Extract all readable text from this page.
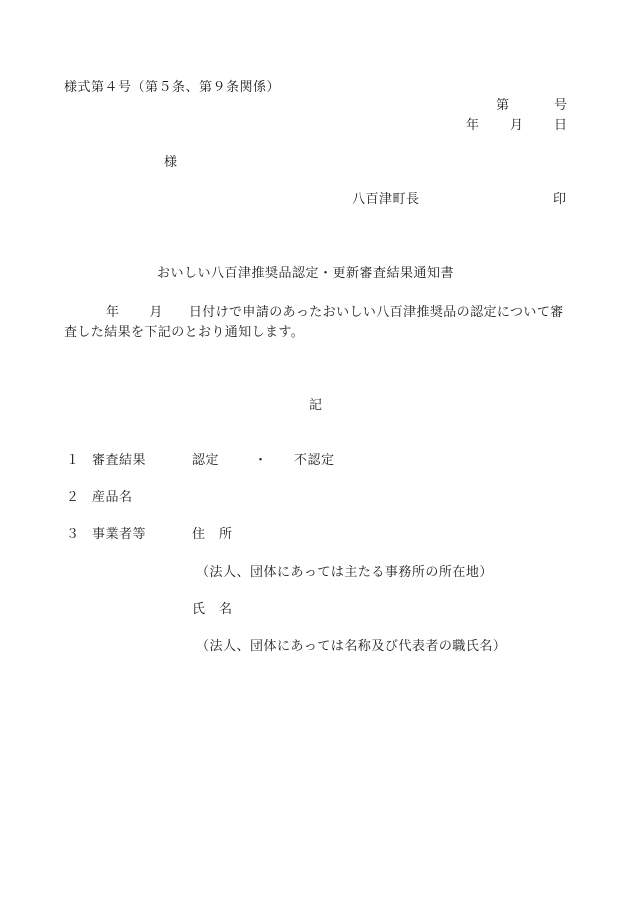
様式第４号（第５条、第９条関係）
第	号
年 月 日
様
八百津町長	印
おいしい八百津推奨品認定・更新審査結果通知書
年 月 日付けで申請のあったおいしい八百津推奨品の認定について審査した結果を下記のとおり通知します。
記
１ 審査結果	認定	・ 不認定
２ 産品名
３ 事業者等	住　所
（法人、団体にあっては主たる事務所の所在地）
氏　名
（法人、団体にあっては名称及び代表者の職氏名）
